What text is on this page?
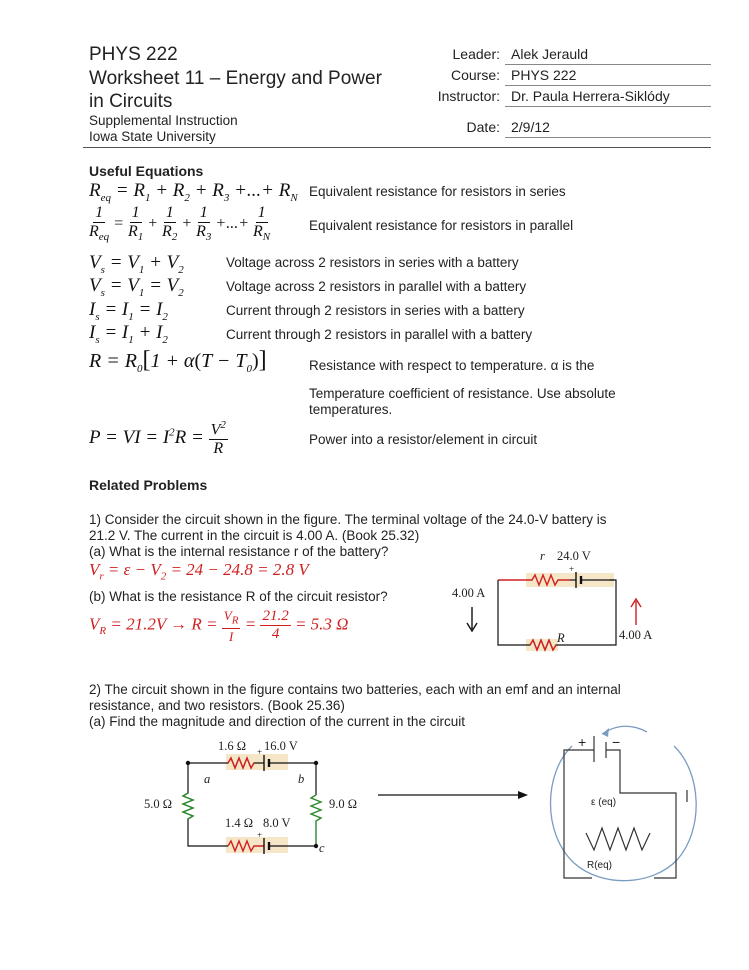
PHYS 222
Worksheet 11 – Energy and Power
in Circuits
Supplemental Instruction
Iowa State University
Leader: Alek Jerauld
Course: PHYS 222
Instructor: Dr. Paula Herrera-Siklódy
Date: 2/9/12
Useful Equations
$R_{eq} = R_1 + R_2 + R_3$ +...+ $R_N$ Equivalent resistance for resistors in series
$\frac{1}{R_{eq}} = \frac{1}{R_1} + \frac{1}{R_2} + \frac{1}{R_3}$ +...+ $\frac{1}{R_N}$	Equivalent resistance for resistors in parallel
$V_s = V_1 + V_2$	Voltage across 2 resistors in series with a battery
$V_s = V_1 = V_2$	Voltage across 2 resistors in parallel with a battery
$I_s = I_1 = I_2$	Current through 2 resistors in series with a battery
$I_s = I_1 + I_2$	Current through 2 resistors in parallel with a battery
$R = R_0[1 + \alpha(T - T_0)]$	Resistance with respect to temperature. α is the
Temperature coefficient of resistance. Use absolute
temperatures.
P = VI = $I^2R = \frac{V^2}{R}$	Power into a resistor/element in circuit
Related Problems
1) Consider the circuit shown in the figure. The terminal voltage of the 24.0-V battery is
21.2 V. The current in the circuit is 4.00 A. (Book 25.32)
(a) What is the internal resistance r of the battery?
$V_r = \varepsilon - V_2 = 24 - 24.8 = 2.8$ V
(b) What is the resistance R of the circuit resistor?
$V_R = 21.2V \to R = \frac{V_R}{I} = \frac{21.2}{4} = 5.3$ Ω
+
r 24.0 V
4.00 A
4.00 A
R
2) The circuit shown in the figure contains two batteries, each with an emf and an internal
resistance, and two resistors. (Book 25.36)
(a) Find the magnitude and direction of the current in the circuit
+
+
1.6 Ω 16.0 V
a	b
5.0 Ω	9.0 Ω
1.4 Ω 8.0 V
c
+ −
ε (eq)
R(eq)
